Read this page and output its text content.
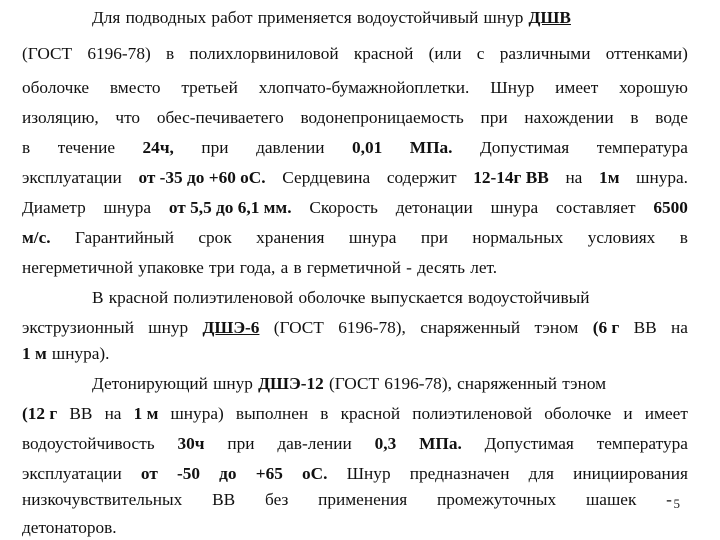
Для подводных работ применяется водоустойчивый шнур ДШВ
(ГОСТ 6196-78) в полихлорвиниловой красной (или с различными оттенками)
оболочке вместо третьей хлопчато-бумажнойоплетки. Шнур имеет хорошую
изоляцию, что обес-печиваетего водонепроницаемость при нахождении в воде
в течение 24ч, при давлении 0,01 МПа. Допустимая температура
эксплуатации от -35 до +60 оС. Сердцевина содержит 12-14г ВВ на 1м шнура.
Диаметр шнура от 5,5 до 6,1 мм. Скорость детонации шнура составляет 6500
м/с. Гарантийный срок хранения шнура при нормальных условиях в
негерметичной упаковке три года, а в герметичной - десять лет.
В красной полиэтиленовой оболочке выпускается водоустойчивый
экструзионный шнур ДШЭ-6 (ГОСТ 6196-78), снаряженный тэном (6 г ВВ на
1 м шнура).
Детонирующий шнур ДШЭ-12 (ГОСТ 6196-78), снаряженный тэном
(12 г ВВ на 1 м шнура) выполнен в красной полиэтиленовой оболочке и имеет
водоустойчивость 30ч при дав-лении 0,3 МПа. Допустимая температура
эксплуатации от -50 до +65 оС. Шнур предназначен для инициирования
низкочувствительных ВВ без применения промежуточных шашек -
детонаторов.
5
